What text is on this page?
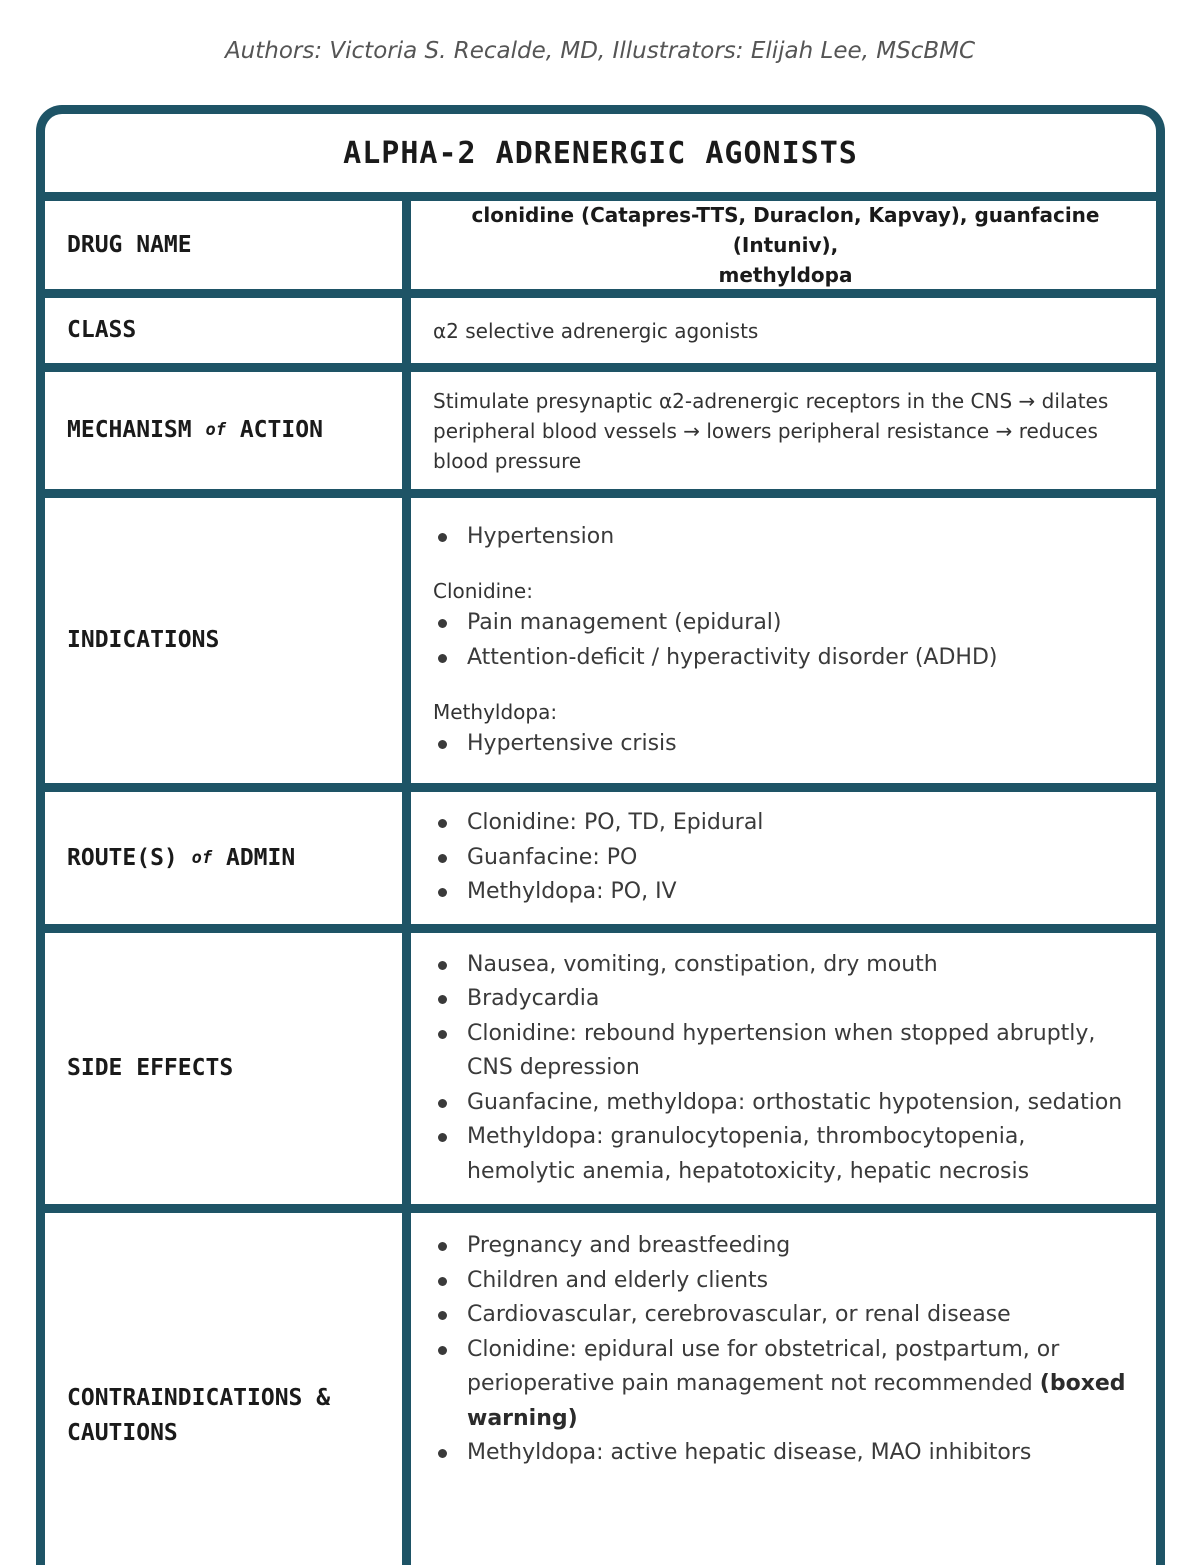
Authors: Victoria S. Recalde, MD, Illustrators: Elijah Lee, MScBMC
ALPHA-2 ADRENERGIC AGONISTS
DRUG NAME
clonidine (Catapres-TTS, Duraclon, Kapvay), guanfacine (Intuniv),
methyldopa
CLASS	α2 selective adrenergic agonists
MECHANISM
of
ACTION
Stimulate presynaptic α2-adrenergic receptors in the CNS → dilates peripheral blood vessels → lowers peripheral resistance → reduces blood pressure
INDICATIONS
Hypertension
Clonidine:
Pain management (epidural)
Attention-deficit / hyperactivity disorder (ADHD)
Methyldopa:
Hypertensive crisis
ROUTE(S)
of
ADMIN
Clonidine: PO, TD, Epidural
Guanfacine: PO
Methyldopa: PO, IV
SIDE EFFECTS
Nausea, vomiting, constipation, dry mouth
Bradycardia
Clonidine: rebound hypertension when stopped abruptly, CNS depression
Guanfacine, methyldopa: orthostatic hypotension, sedation
Methyldopa: granulocytopenia, thrombocytopenia, hemolytic anemia, hepatotoxicity, hepatic necrosis
CONTRAINDICATIONS & CAUTIONS
Pregnancy and breastfeeding
Children and elderly clients
Cardiovascular, cerebrovascular, or renal disease
Clonidine: epidural use for obstetrical, postpartum, or perioperative pain management not recommended (boxed warning)
Methyldopa: active hepatic disease, MAO inhibitors
